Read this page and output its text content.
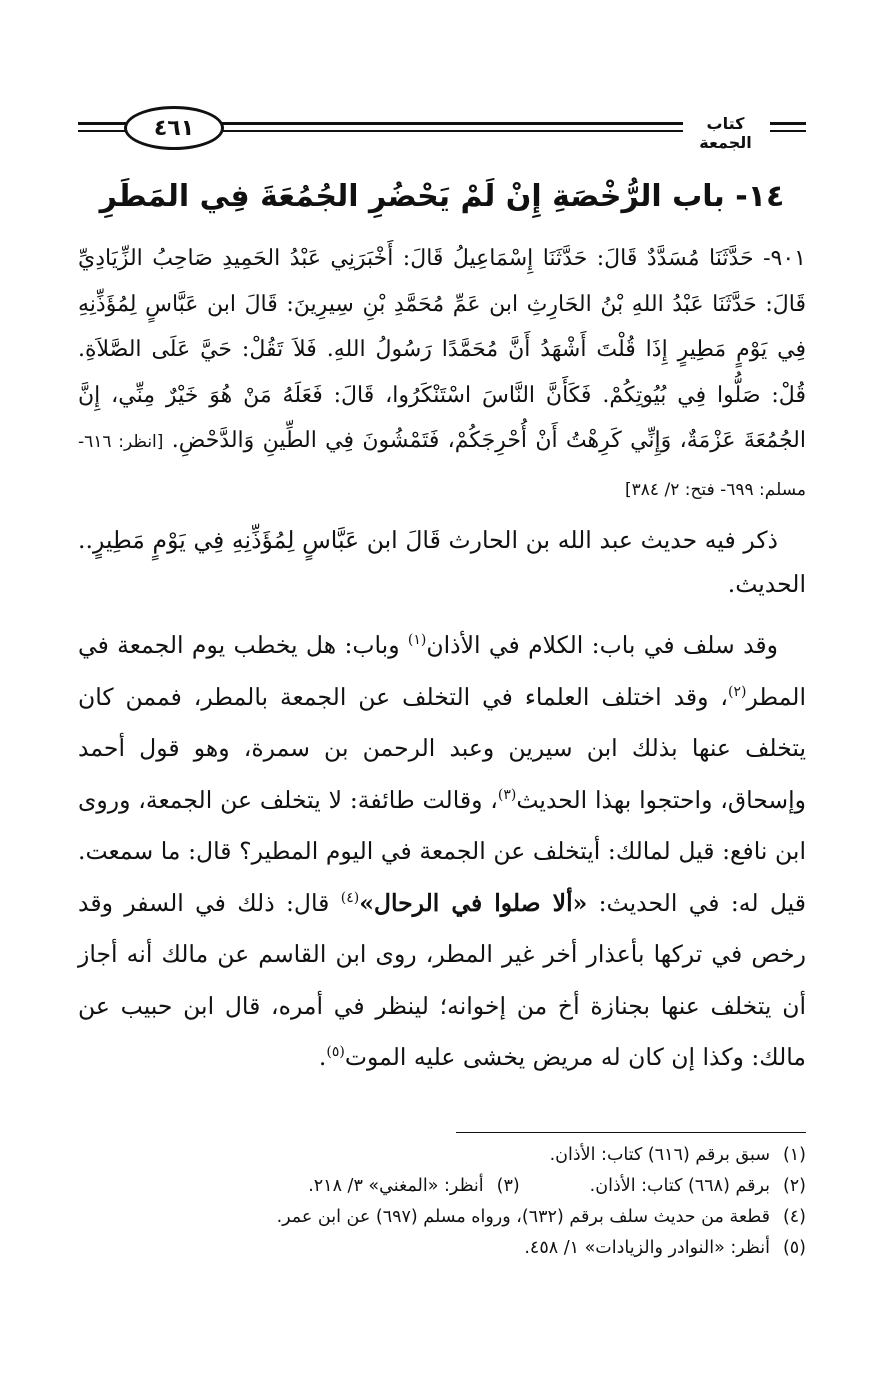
٤٦١	كتاب الجمعة
١٤- باب الرُّخْصَةِ إِنْ لَمْ يَحْضُرِ الجُمُعَةَ فِي المَطَرِ
٩٠١- حَدَّثَنَا مُسَدَّدٌ قَالَ: حَدَّثَنَا إِسْمَاعِيلُ قَالَ: أَخْبَرَنِي عَبْدُ الحَمِيدِ صَاحِبُ الزِّيَادِيِّ قَالَ: حَدَّثَنَا عَبْدُ اللهِ بْنُ الحَارِثِ ابن عَمِّ مُحَمَّدِ بْنِ سِيرِينَ: قَالَ ابن عَبَّاسٍ لِمُؤَذِّنِهِ فِي يَوْمٍ مَطِيرٍ إِذَا قُلْتَ أَشْهَدُ أَنَّ مُحَمَّدًا رَسُولُ اللهِ. فَلاَ تَقُلْ: حَيَّ عَلَى الصَّلاَةِ. قُلْ: صَلُّوا فِي بُيُوتِكُمْ. فَكَأَنَّ النَّاسَ اسْتَنْكَرُوا، قَالَ: فَعَلَهُ مَنْ هُوَ خَيْرٌ مِنِّي، إِنَّ الجُمُعَةَ عَزْمَةٌ، وَإِنِّي كَرِهْتُ أَنْ أُحْرِجَكُمْ، فَتَمْشُونَ فِي الطِّينِ وَالدَّحْضِ. [انظر: ٦١٦- مسلم: ٦٩٩- فتح: ٢/ ٣٨٤]

ذكر فيه حديث عبد الله بن الحارث قَالَ ابن عَبَّاسٍ لِمُؤَذِّنِهِ فِي يَوْمٍ مَطِيرٍ.. الحديث.

وقد سلف في باب: الكلام في الأذان$^{(١)}$ وباب: هل يخطب يوم الجمعة في المطر$^{(٢)}$، وقد اختلف العلماء في التخلف عن الجمعة بالمطر، فممن كان يتخلف عنها بذلك ابن سيرين وعبد الرحمن بن سمرة، وهو قول أحمد وإسحاق، واحتجوا بهذا الحديث$^{(٣)}$، وقالت طائفة: لا يتخلف عن الجمعة، وروى ابن نافع: قيل لمالك: أيتخلف عن الجمعة في اليوم المطير؟ قال: ما سمعت. قيل له: في الحديث: «ألا صلوا في الرحال»$^{(٤)}$ قال: ذلك في السفر وقد رخص في تركها بأعذار أخر غير المطر، روى ابن القاسم عن مالك أنه أجاز أن يتخلف عنها بجنازة أخ من إخوانه؛ لينظر في أمره، قال ابن حبيب عن مالك: وكذا إن كان له مريض يخشى عليه الموت$^{(٥)}$.

(١)
سبق برقم (٦١٦) كتاب: الأذان.
(٢)
برقم (٦٦٨) كتاب: الأذان.
(٣)
أنظر: «المغني» ٣/ ٢١٨.
(٤)
قطعة من حديث سلف برقم (٦٣٢)، ورواه مسلم (٦٩٧) عن ابن عمر.
(٥)
أنظر: «النوادر والزيادات» ١/ ٤٥٨.
